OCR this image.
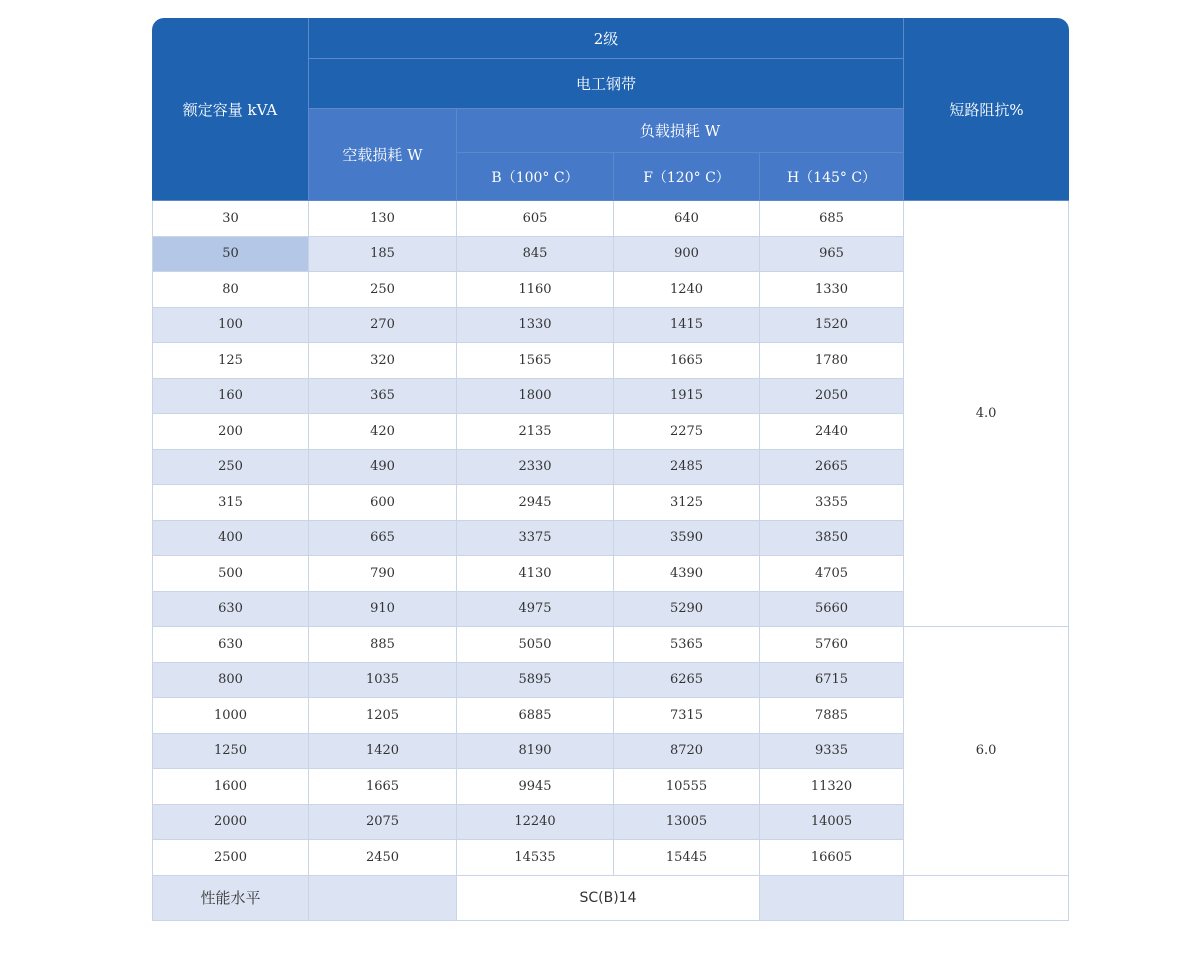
额定容量 kVA	2级				短路阻抗%
	电工钢带				
	空载损耗 W	负载损耗 W			
		B（100° C）	F（120° C）	H（145° C）	
30	130	605	640	685	4.0
50	185	845	900	965	
80	250	1160	1240	1330	
100	270	1330	1415	1520	
125	320	1565	1665	1780	
160	365	1800	1915	2050	
200	420	2135	2275	2440	
250	490	2330	2485	2665	
315	600	2945	3125	3355	
400	665	3375	3590	3850	
500	790	4130	4390	4705	
630	910	4975	5290	5660	
630	885	5050	5365	5760	6.0
800	1035	5895	6265	6715	
1000	1205	6885	7315	7885	
1250	1420	8190	8720	9335	
1600	1665	9945	10555	11320	
2000	2075	12240	13005	14005	
2500	2450	14535	15445	16605	
性能水平		SC(B)14			
